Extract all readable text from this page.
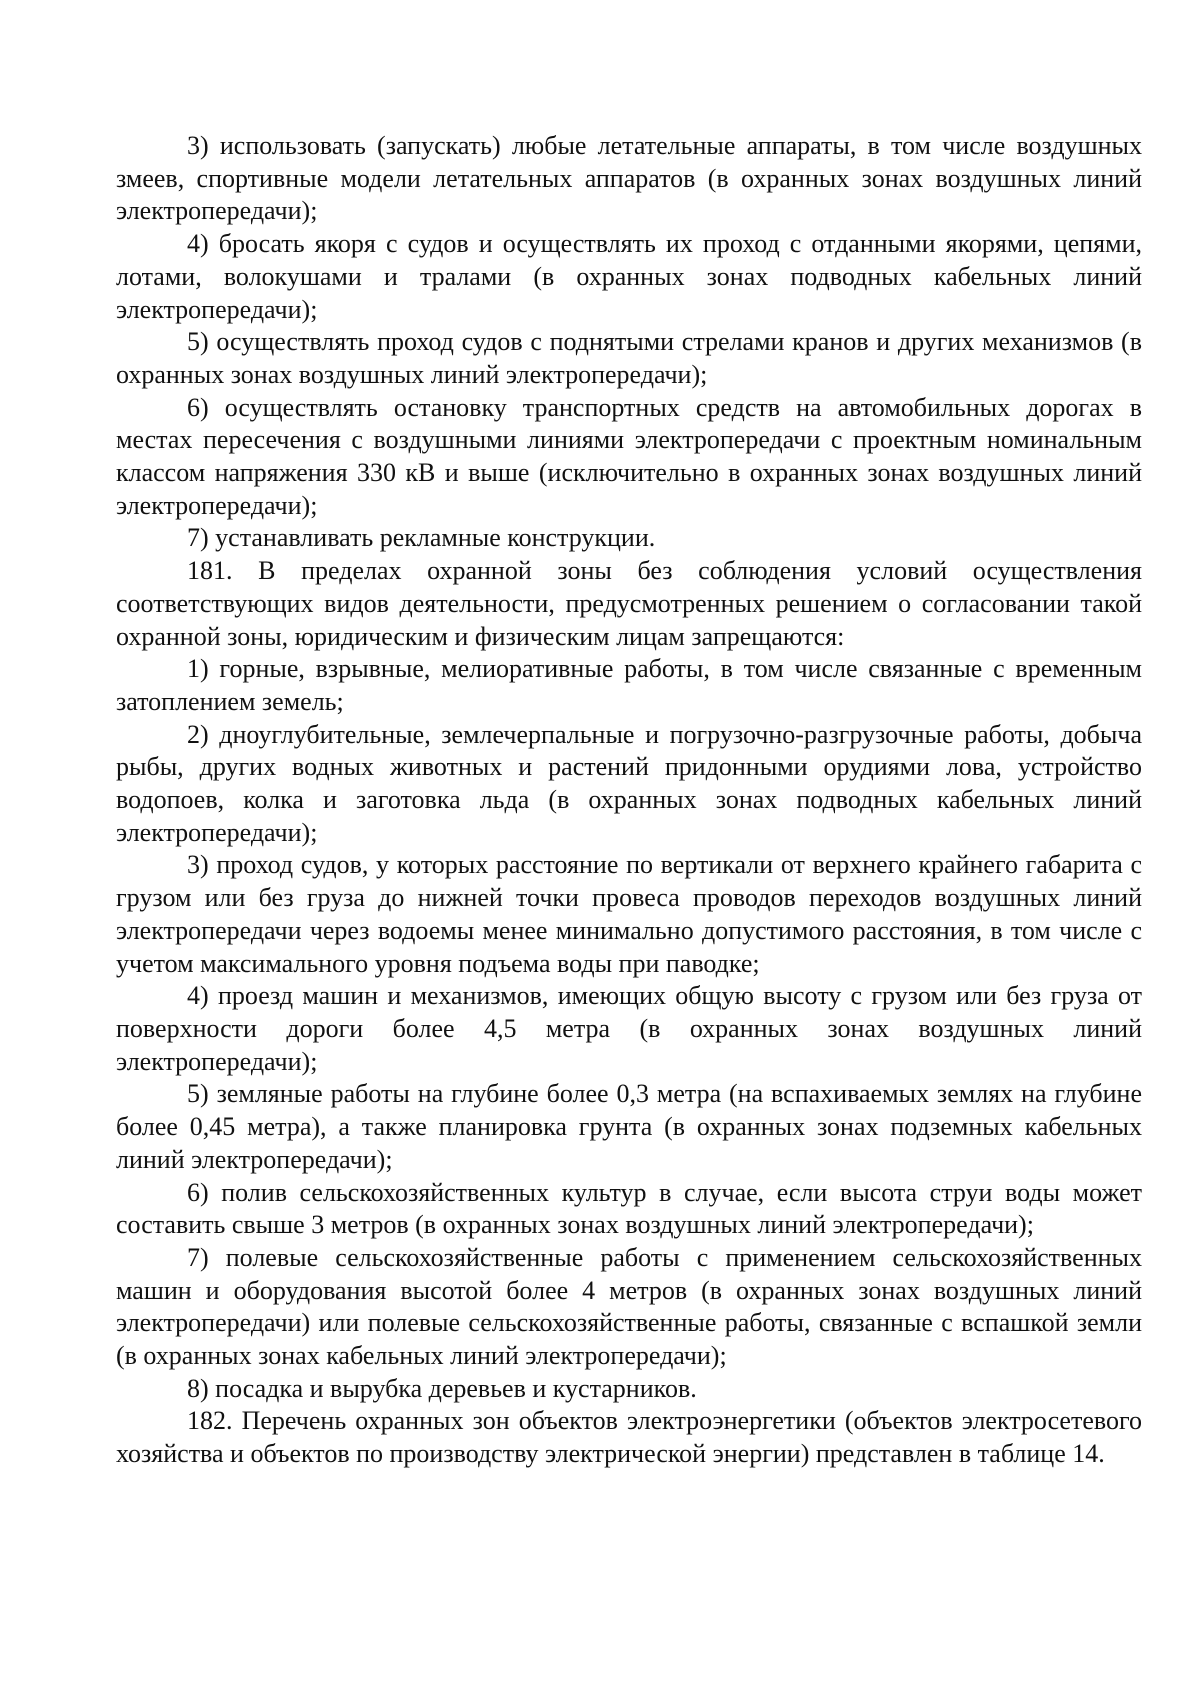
3) использовать (запускать) любые летательные аппараты, в том числе воздушных змеев, спортивные модели летательных аппаратов (в охранных зонах воздушных линий электропередачи);

4) бросать якоря с судов и осуществлять их проход с отданными якорями, цепями, лотами, волокушами и тралами (в охранных зонах подводных кабельных линий электропередачи);

5) осуществлять проход судов с поднятыми стрелами кранов и других механизмов (в охранных зонах воздушных линий электропередачи);

6) осуществлять остановку транспортных средств на автомобильных дорогах в местах пересечения с воздушными линиями электропередачи с проектным номинальным классом напряжения 330 кВ и выше (исключительно в охранных зонах воздушных линий электропередачи);

7) устанавливать рекламные конструкции.

181. В пределах охранной зоны без соблюдения условий осуществления соответствующих видов деятельности, предусмотренных решением о согласовании такой охранной зоны, юридическим и физическим лицам запрещаются:

1) горные, взрывные, мелиоративные работы, в том числе связанные с временным затоплением земель;

2) дноуглубительные, землечерпальные и погрузочно-разгрузочные работы, добыча рыбы, других водных животных и растений придонными орудиями лова, устройство водопоев, колка и заготовка льда (в охранных зонах подводных кабельных линий электропередачи);

3) проход судов, у которых расстояние по вертикали от верхнего крайнего габарита с грузом или без груза до нижней точки провеса проводов переходов воздушных линий электропередачи через водоемы менее минимально допустимого расстояния, в том числе с учетом максимального уровня подъема воды при паводке;

4) проезд машин и механизмов, имеющих общую высоту с грузом или без груза от поверхности дороги более 4,5 метра (в охранных зонах воздушных линий электропередачи);

5) земляные работы на глубине более 0,3 метра (на вспахиваемых землях на глубине более 0,45 метра), а также планировка грунта (в охранных зонах подземных кабельных линий электропередачи);

6) полив сельскохозяйственных культур в случае, если высота струи воды может составить свыше 3 метров (в охранных зонах воздушных линий электропередачи);

7) полевые сельскохозяйственные работы с применением сельскохозяйственных машин и оборудования высотой более 4 метров (в охранных зонах воздушных линий электропередачи) или полевые сельскохозяйственные работы, связанные с вспашкой земли (в охранных зонах кабельных линий электропередачи);

8) посадка и вырубка деревьев и кустарников.

182. Перечень охранных зон объектов электроэнергетики (объектов электросетевого хозяйства и объектов по производству электрической энергии) представлен в таблице 14.
